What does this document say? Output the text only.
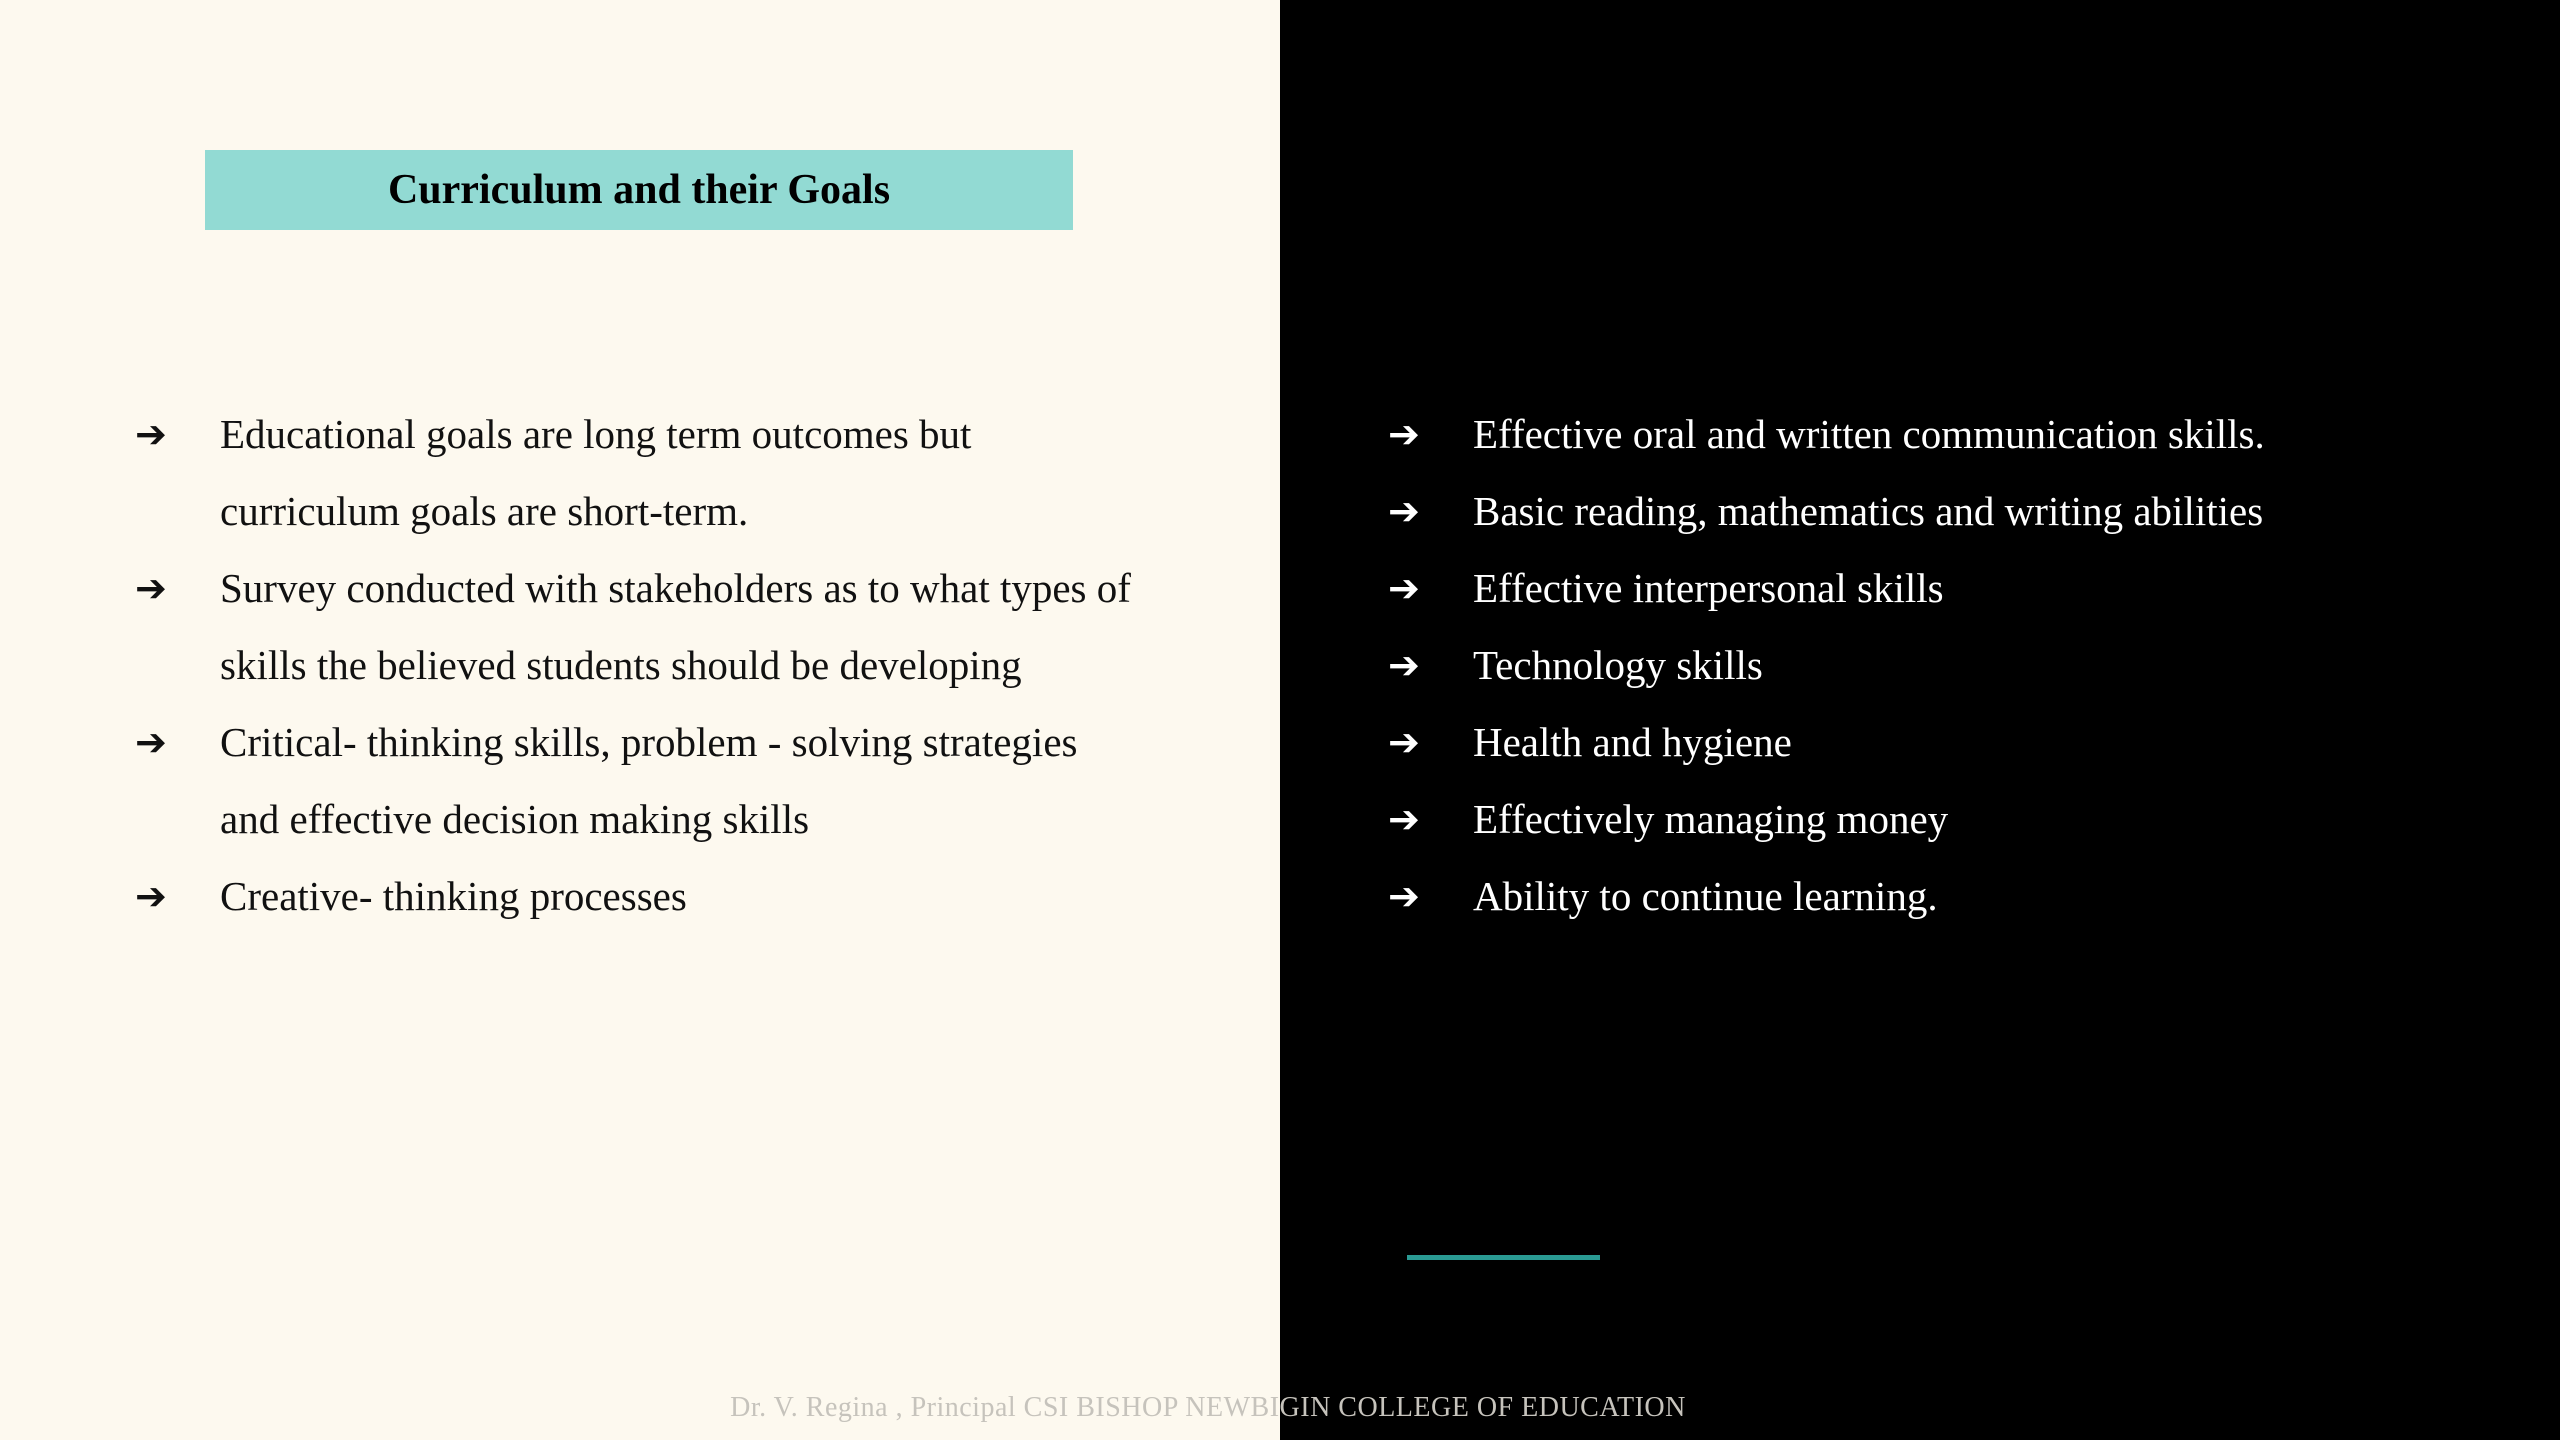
Curriculum and their Goals
➔	Educational goals are long term outcomes but
curriculum goals are short-term.
➔	Survey conducted with stakeholders as to what types of
skills the believed students should be developing
➔	Critical- thinking skills, problem - solving strategies
and effective decision making skills
➔	Creative- thinking processes
➔	Effective oral and written communication skills.
➔	Basic reading, mathematics and writing abilities
➔	Effective interpersonal skills
➔	Technology skills
➔	Health and hygiene
➔	Effectively managing money
➔	Ability to continue learning.
Dr. V. Regina , Principal CSI BISHOP NEWBIGIN COLLEGE OF EDUCATION
